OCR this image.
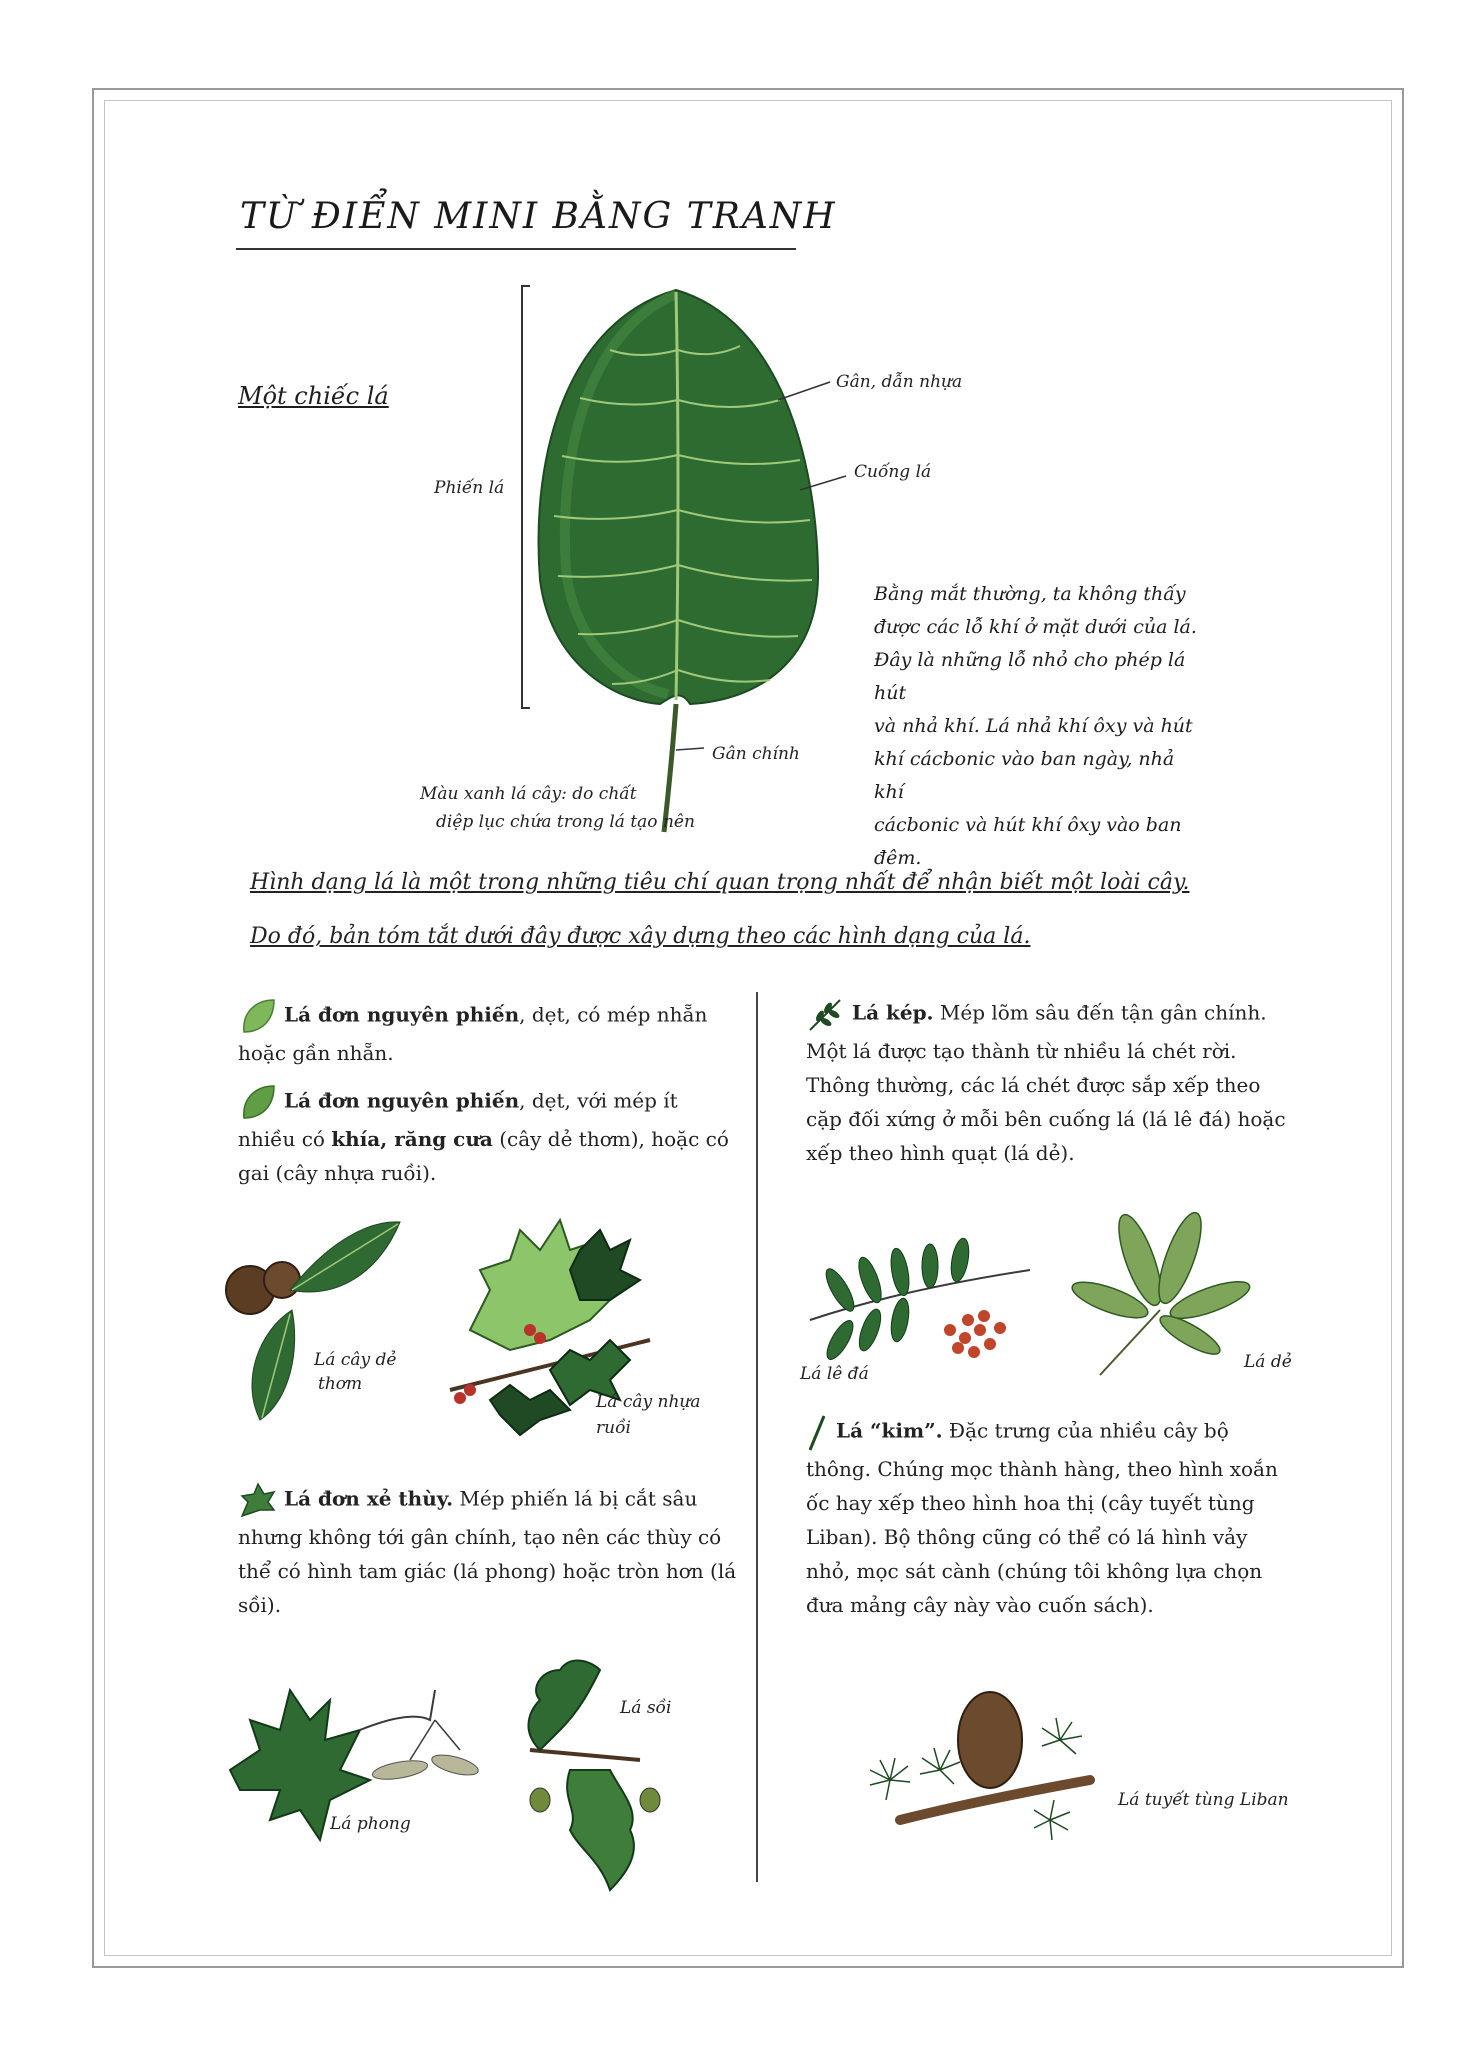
TỪ ĐIỂN MINI BẰNG TRANH
Một chiếc lá	Gân, dẫn nhựa
Cuống lá
Phiến lá
Gân chính
Màu xanh lá cây: do chất
diệp lục chứa trong lá tạo nên
Bằng mắt thường, ta không thấy
được các lỗ khí ở mặt dưới của lá.
Đây là những lỗ nhỏ cho phép lá hút
và nhả khí. Lá nhả khí ôxy và hút
khí cácbonic vào ban ngày, nhả khí
cácbonic và hút khí ôxy vào ban đêm.
Hình dạng lá là một trong những tiêu chí quan trọng nhất để nhận biết một loài cây.
Do đó, bản tóm tắt dưới đây được xây dựng theo các hình dạng của lá.
Lá đơn nguyên phiến, dẹt, có mép nhẵn hoặc gần nhẵn.
Lá đơn nguyên phiến, dẹt, với mép ít nhiều có khía, răng cưa (cây dẻ thơm), hoặc có gai (cây nhựa ruồi).
Lá cây dẻ
thơm
Lá cây nhựa
ruồi
Lá đơn xẻ thùy. Mép phiến lá bị cắt sâu nhưng không tới gân chính, tạo nên các thùy có thể có hình tam giác (lá phong) hoặc tròn hơn (lá sồi).
Lá phong
Lá sồi
Lá kép. Mép lõm sâu đến tận gân chính. Một lá được tạo thành từ nhiều lá chét rời. Thông thường, các lá chét được sắp xếp theo cặp đối xứng ở mỗi bên cuống lá (lá lê đá) hoặc xếp theo hình quạt (lá dẻ).
Lá lê đá
Lá dẻ
Lá “kim”. Đặc trưng của nhiều cây bộ thông. Chúng mọc thành hàng, theo hình xoắn ốc hay xếp theo hình hoa thị (cây tuyết tùng Liban). Bộ thông cũng có thể có lá hình vảy nhỏ, mọc sát cành (chúng tôi không lựa chọn đưa mảng cây này vào cuốn sách).
Lá tuyết tùng Liban
